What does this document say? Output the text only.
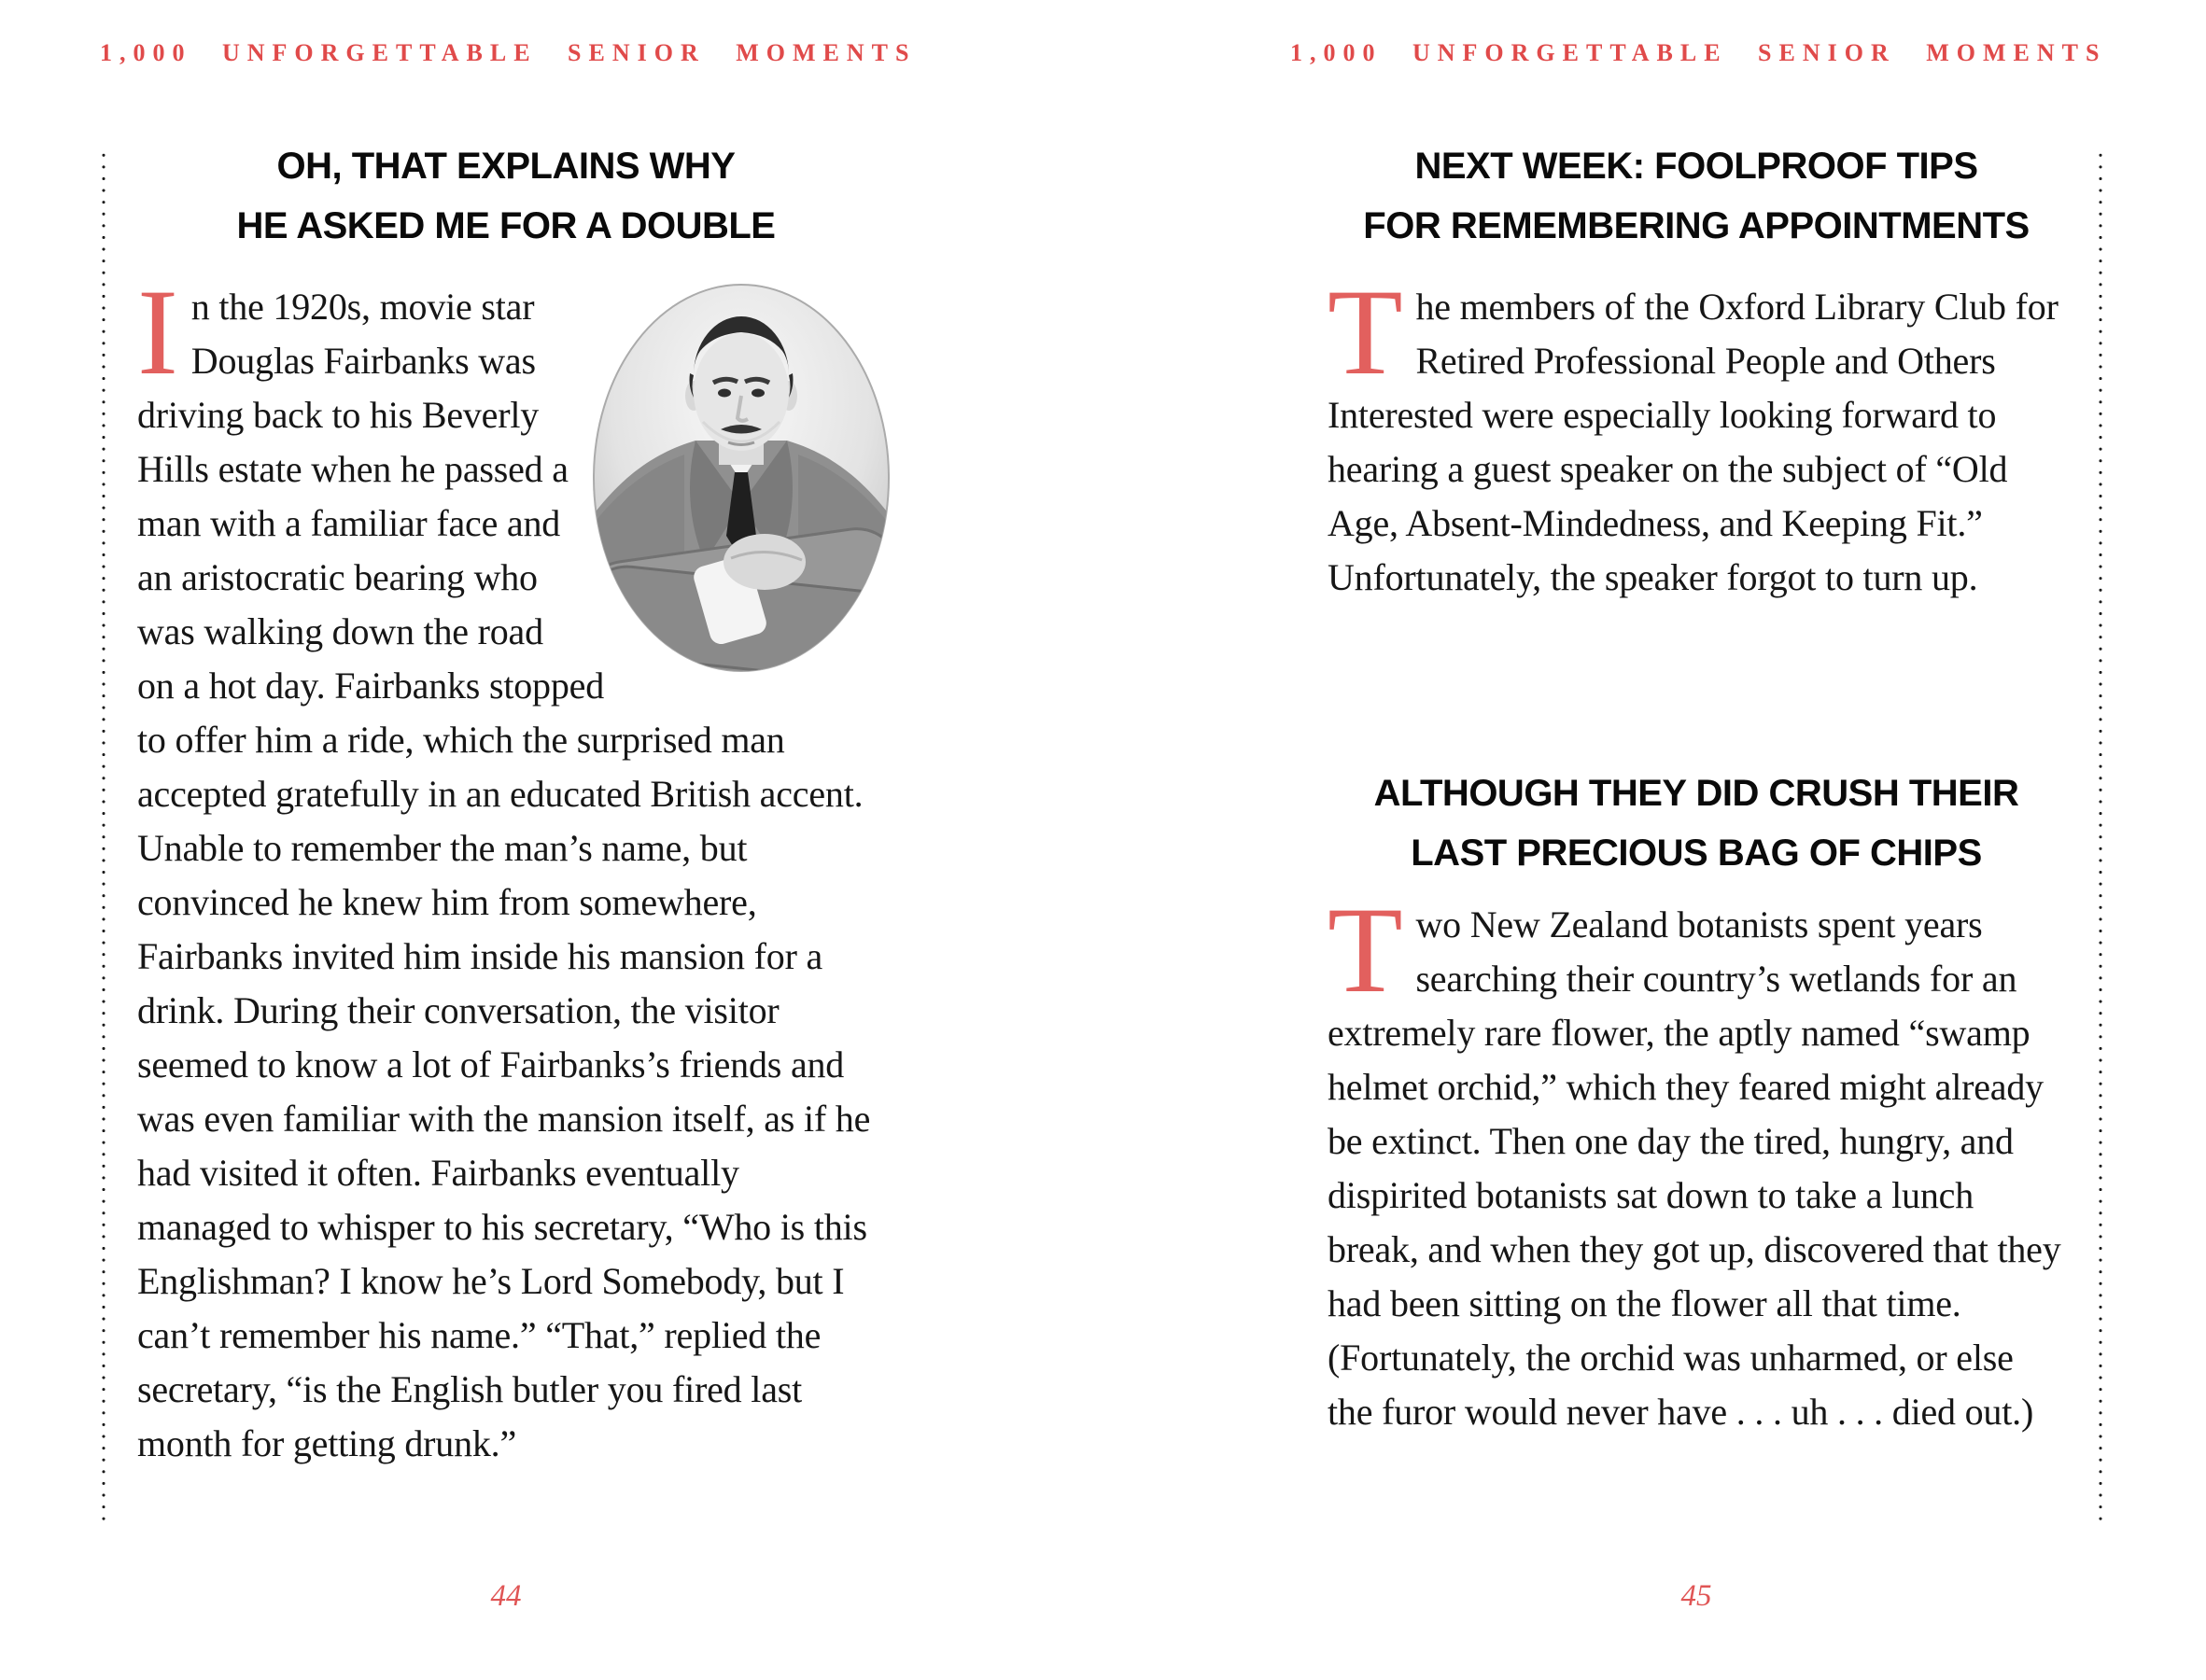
1,000 UNFORGETTABLE SENIOR MOMENTS
OH, THAT EXPLAINS WHY
HE ASKED ME FOR A DOUBLE
In the 1920s, movie star Douglas Fairbanks was driving back to his Beverly Hills estate when he passed a man with a familiar face and an aristocratic bearing who was walking down the road on a hot day. Fairbanks stopped to offer him a ride, which the surprised man accepted gratefully in an educated British accent. Unable to remember the man’s name, but convinced he knew him from somewhere, Fairbanks invited him inside his mansion for a drink. During their conversation, the visitor seemed to know a lot of Fairbanks’s friends and was even familiar with the mansion itself, as if he had visited it often. Fairbanks eventually managed to whisper to his secretary, “Who is this Englishman? I know he’s Lord Somebody, but I can’t remember his name.” “That,” replied the secretary, “is the English butler you fired last month for getting drunk.”
44
1,000 UNFORGETTABLE SENIOR MOMENTS
NEXT WEEK: FOOLPROOF TIPS
FOR REMEMBERING APPOINTMENTS
The members of the Oxford Library Club for Retired Professional People and Others Interested were especially looking forward to hearing a guest speaker on the subject of “Old Age, Absent-Mindedness, and Keeping Fit.” Unfortunately, the speaker forgot to turn up.
ALTHOUGH THEY DID CRUSH THEIR
LAST PRECIOUS BAG OF CHIPS
Two New Zealand botanists spent years searching their country’s wetlands for an extremely rare flower, the aptly named “swamp helmet orchid,” which they feared might already be extinct. Then one day the tired, hungry, and dispirited botanists sat down to take a lunch break, and when they got up, discovered that they had been sitting on the flower all that time. (Fortunately, the orchid was unharmed, or else the furor would never have . . . uh . . . died out.)
45
